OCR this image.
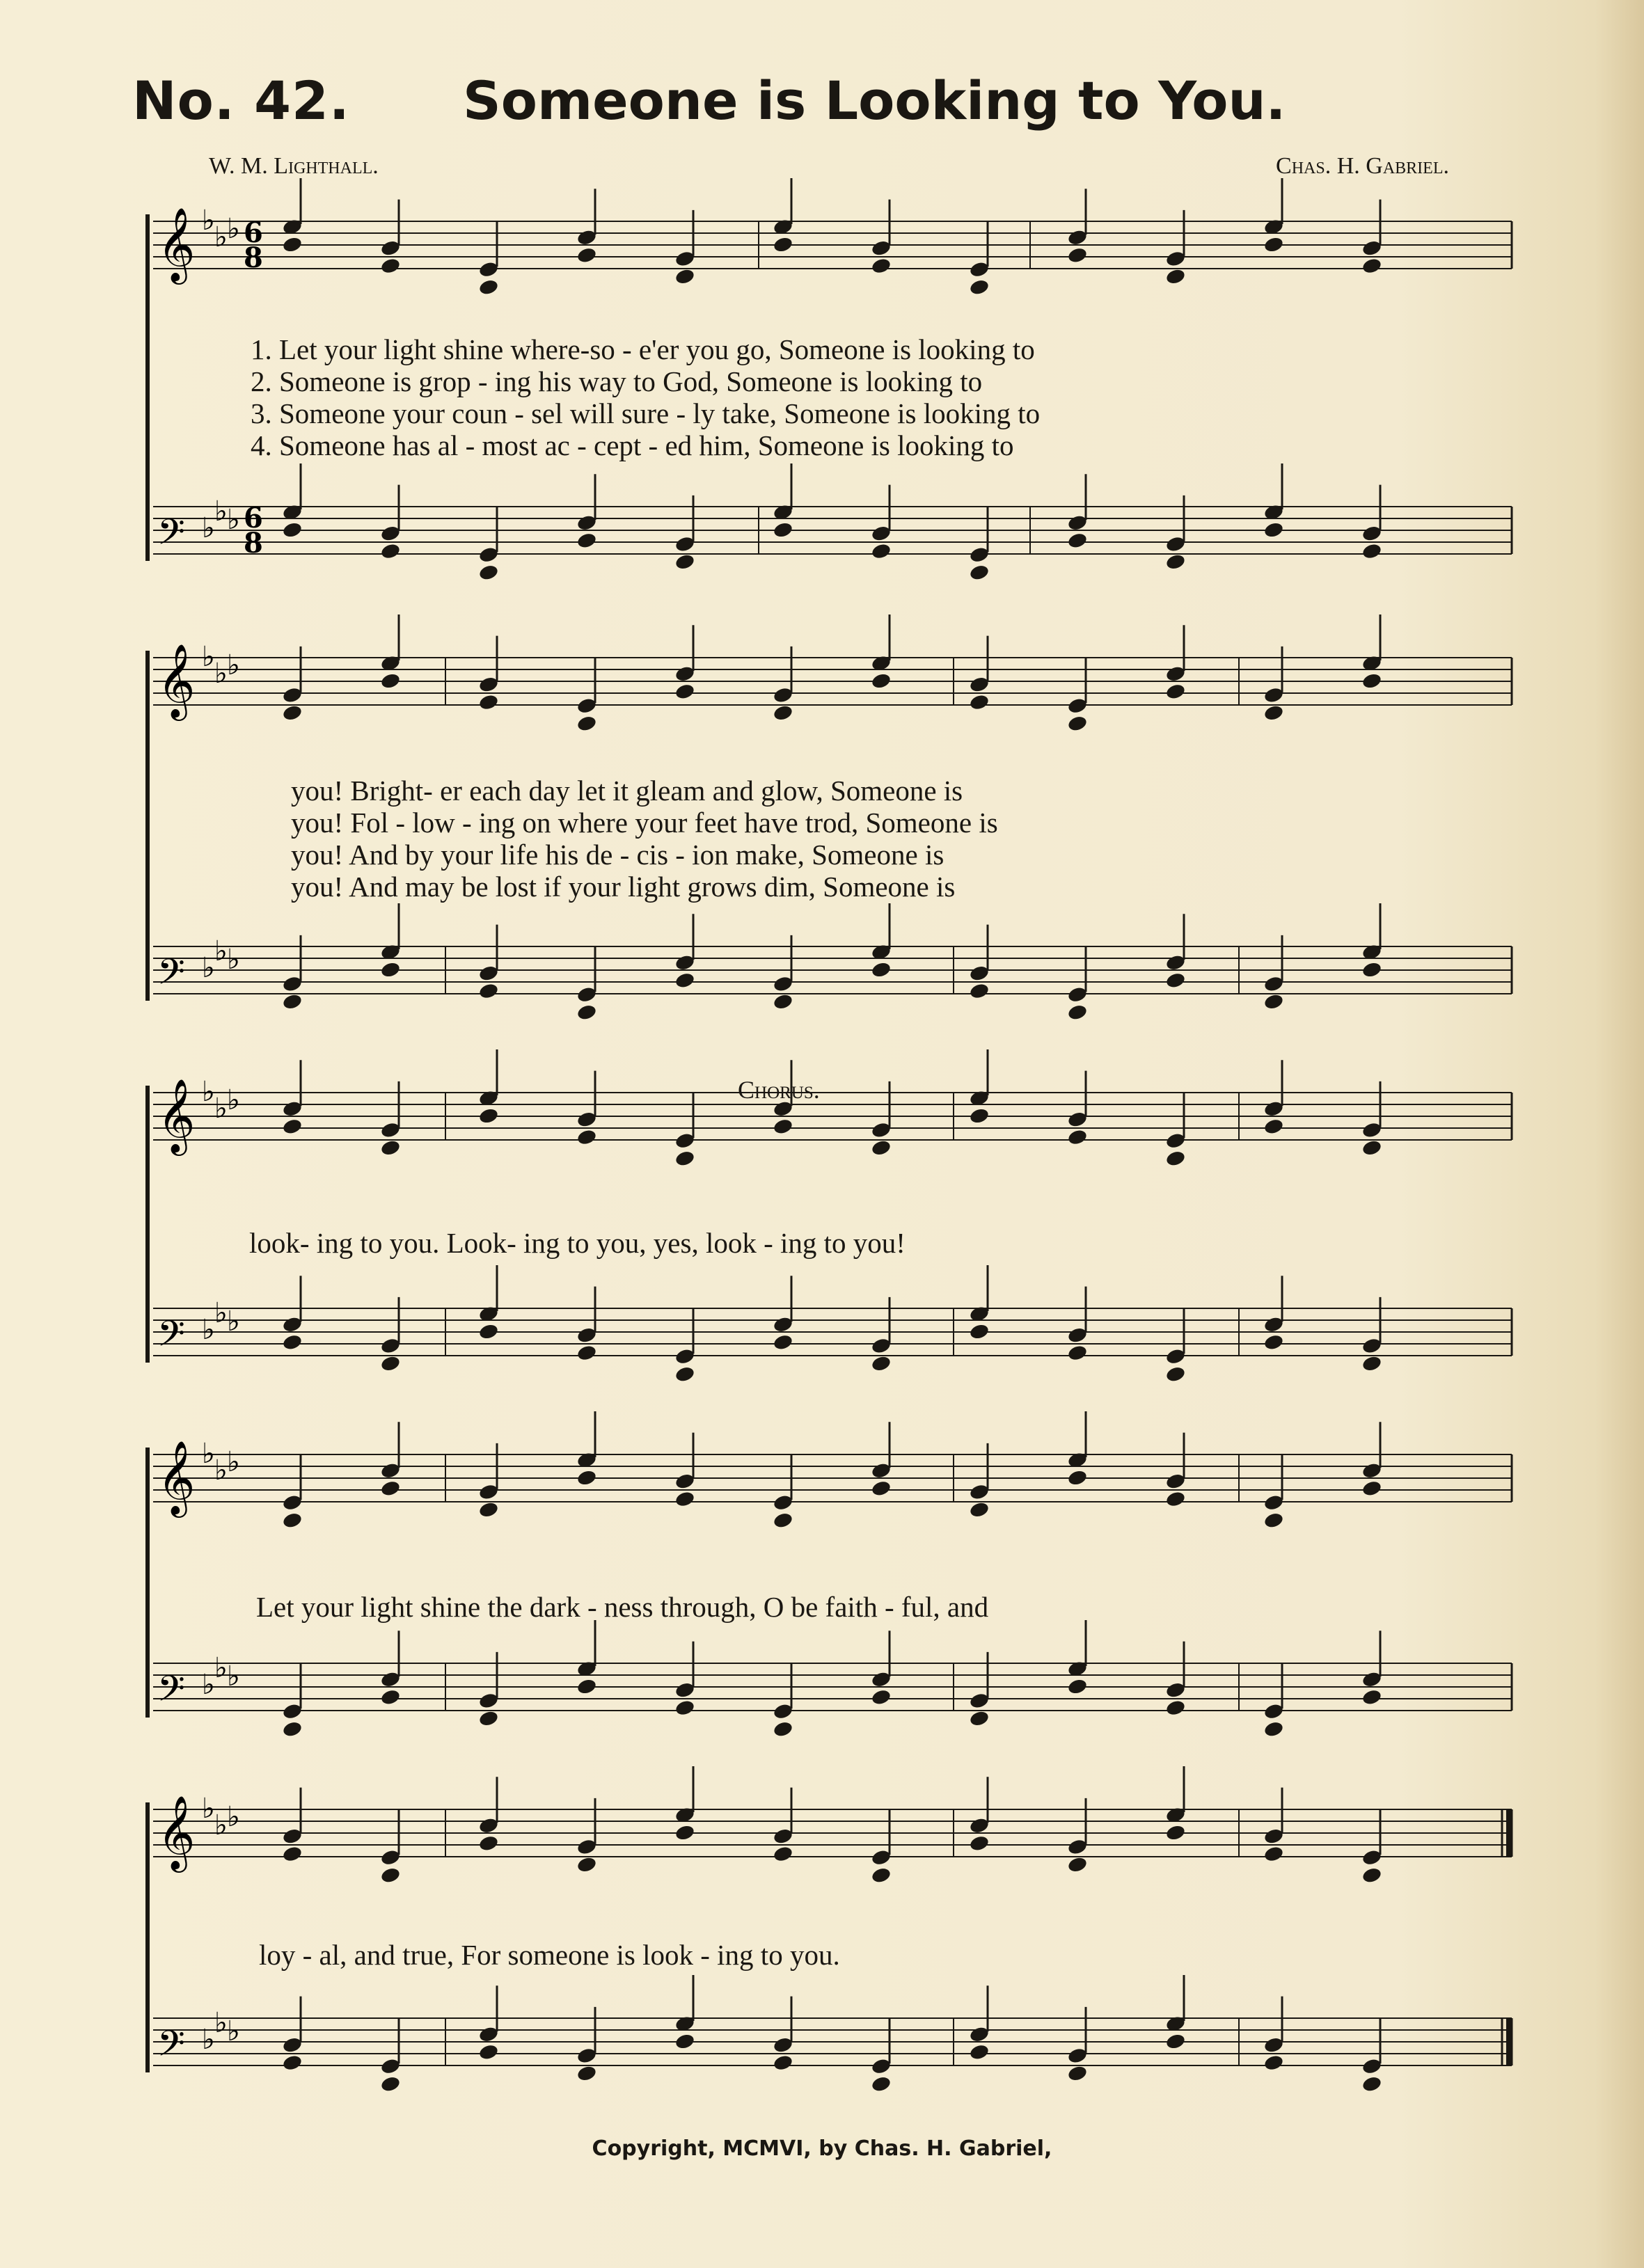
No. 42. Someone is Looking to You.
W. M. Lighthall.	Chas. H. Gabriel.
𝄞 ♭
♭ ♭
𝄢 ♭
♭ ♭
𝄞 ♭
♭ ♭
𝄢 ♭
♭ ♭
𝄞 ♭
♭ ♭
𝄢 ♭
♭ ♭
𝄞 ♭
♭ ♭
𝄢 ♭
♭ ♭
𝄞 ♭
♭ ♭
𝄢 ♭
♭ ♭
6
8
6
8
1. Let your light shine where-so - e'er you go, Someone is looking to
2. Someone is grop - ing his way to God, Someone is looking to
3. Someone your coun - sel will sure - ly take, Someone is looking to
4. Someone has al - most ac - cept - ed him, Someone is looking to
you! Bright- er each day let it gleam and glow, Someone is
you! Fol - low - ing on where your feet have trod, Someone is
you! And by your life his de - cis - ion make, Someone is
you! And may be lost if your light grows dim, Someone is
Chorus.
look- ing to you. Look- ing to you, yes, look - ing to you!
Let your light shine the dark - ness through, O be faith - ful, and
loy - al, and true, For someone is look - ing to you.
Copyright, MCMVI, by Chas. H. Gabriel,
